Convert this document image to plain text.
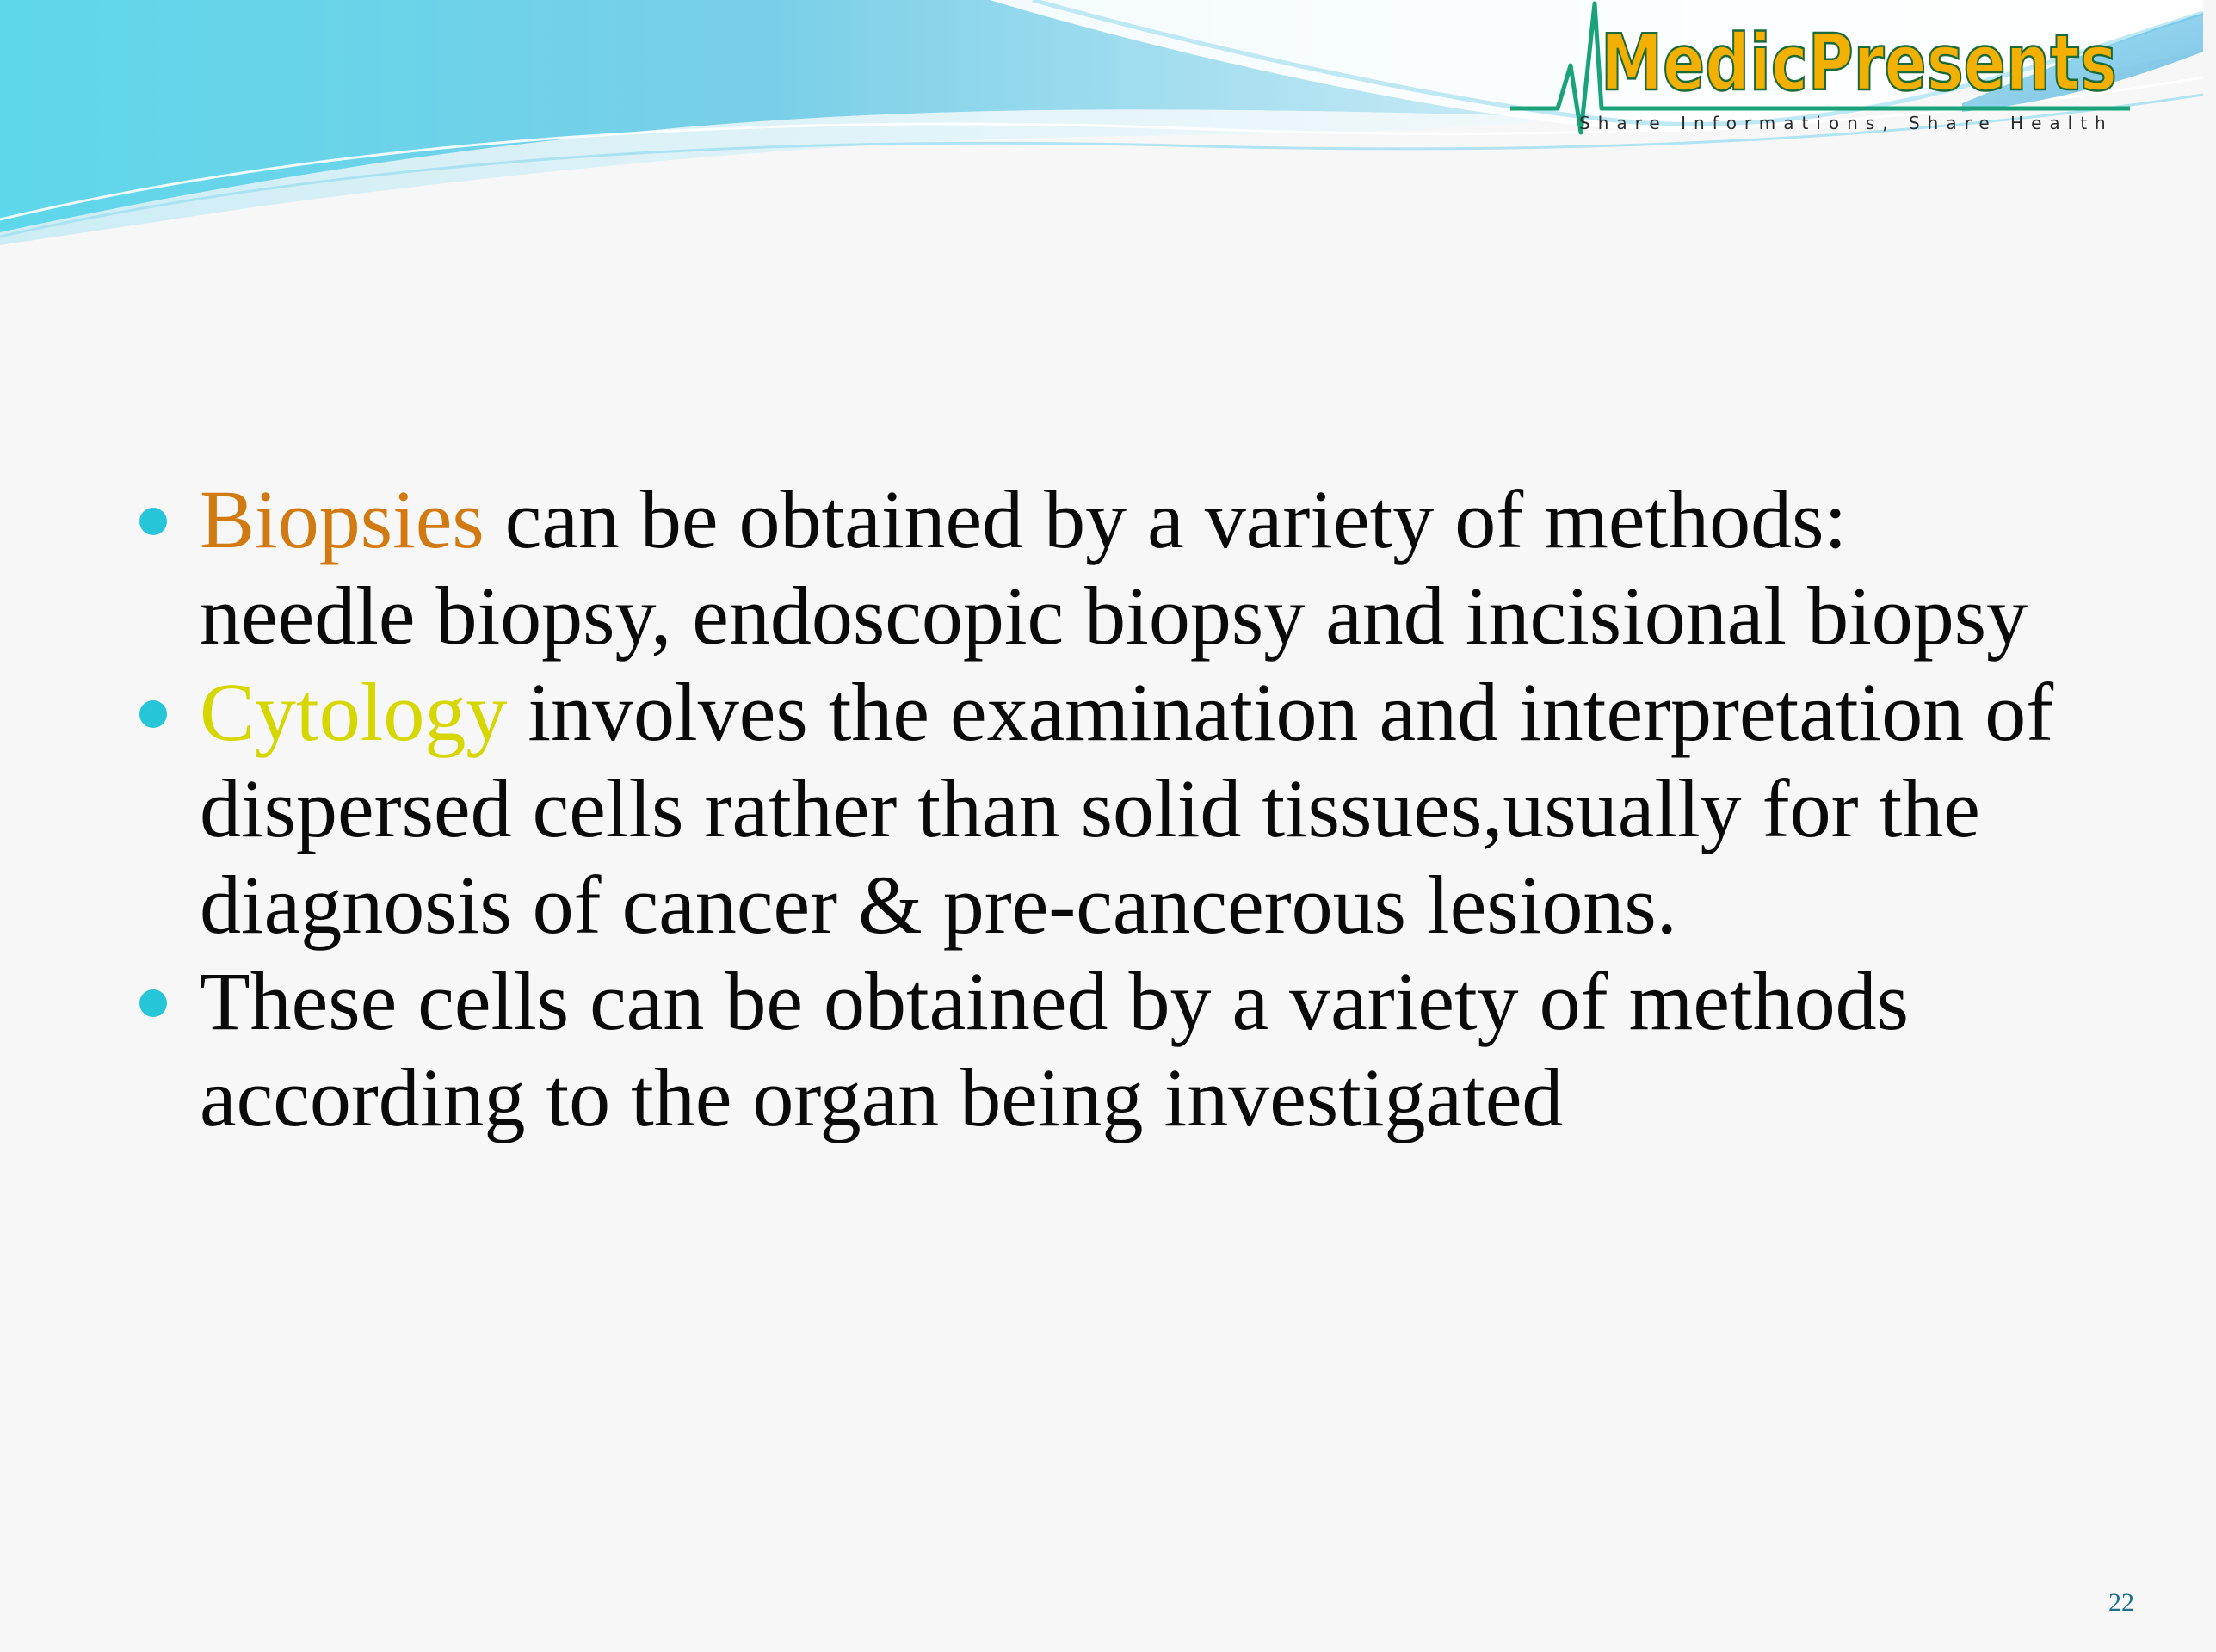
MedicPresents
Share Informations, Share Health
Biopsies can be obtained by a variety of methods: needle biopsy, endoscopic biopsy and incisional biopsy
Cytology involves the examination and interpretation of dispersed cells rather than solid tissues,usually for the diagnosis of cancer & pre-cancerous lesions.
These cells can be obtained by a variety of methods according to the organ being investigated
22
